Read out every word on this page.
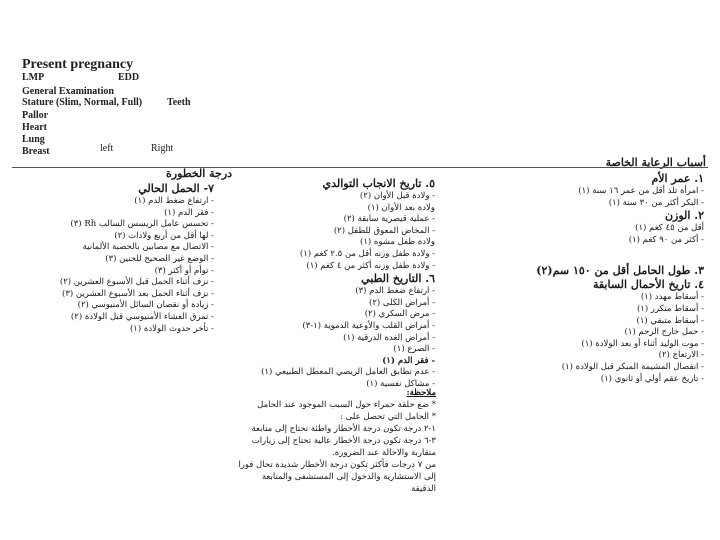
Present pregnancy
LMP	EDD
General Examination
Stature (Slim, Normal, Full) Teeth
Pallor
Heart
Lung
Breast	left	Right
أسباب الرعاية الخاصة
درجة الخطورة	١. عمر الأم
- امرأة تلد أقل من عمر ١٦ سنة (١)
- البكر أكثر من ٣٠ سنة (١)
٢. الوزن
أقل من ٤٥ كغم (١)
- أكثر من ٩٠ كغم (١)
٣. طول الحامل أقل من ١٥٠ سم(٢)
٤. تاريخ الأحمال السابقة
- أسقاط مهدد (١)
- أسقاط متكرر (١)
- أسقاط متبقي (١)
- حمل خارج الرحم (١)
- موت الوليد أثناء أو بعد الولادة (١)
- الارتعاج (٢)
- انفصال المشيمة المبكر قبل الولادة (١)
- تاريخ عقم أولي أو ثانوي (١)
٥. تاريخ الانجاب التوالدي
- ولادة قبل الأوان (٢)
ولادة بعد الأوان (١)
- عملية قيصرية سابقة (٢)
- المخاض المعوق للطفل (٢)
ولادة طفل مشوه (١)
- ولادة طفل وزنه أقل من ٢.٥ كغم (١)
- ولادة طفل وزنه أكثر من ٤ كغم (١)
٦. التاريخ الطبي
- ارتفاع ضغط الدم (٣)
- أمراض الكلى (٢)
- مرض السكري (٢)
- أمراض القلب والأوعية الدموية (١-٣)
- أمراض الغدة الدرقية (١)
- الصرع (١)
- فقر الدم (١)
- عدم تطابق العامل الريصي المعطل الطبيعي (١)
- مشاكل نفسية (١)
٧- الحمل الحالي
- ارتفاع ضغط الدم (١)
- فقر الدم (١)
- تحسس عامل الريسس السالب Rh (٣)
- لها أقل من أربع ولادات (٢)
- الاتصال مع مصابين بالحصبة الألمانية
- الوضع غير الصحيح للجنين (٣)
- توأم أو أكثر (٣)
- نزف أثناء الحمل قبل الأسبوع العشرين (٢)
- نزف أثناء الحمل بعد الأسبوع العشرين (٣)
- زيادة أو نقصان السائل الأمنيوسي (٢)
- تمزق الغشاء الأمنيوسي قبل الولادة (٢)
- تأخر حدوث الولادة (١)
ملاحظة:
* ضع حلقة حمراء حول السبب الموجود عند الحامل
* الحامل التي تحصل على :
١-٢ درجة تكون درجة الأخطار واطئة تحتاج إلى متابعة
٣-٦ درجة تكون درجة الأخطار عالية تحتاج إلى زيارات متقاربة والاحالة عند الضرورة.
من ٧ درجات فأكثر تكون درجة الأخطار شديدة تحال فورا إلى الاستشارية والدخول إلى المستشفى والمتابعة الدقيقة
